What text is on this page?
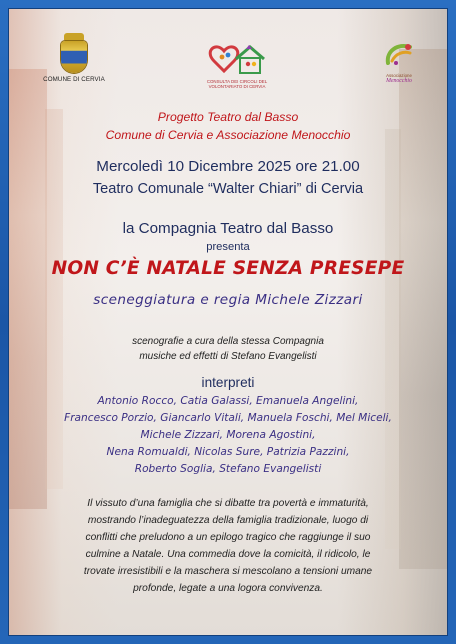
COMUNE DI CERVIA	CONSULTA DEI CIRCOLI DEL
VOLONTARIATO DI CERVIA
Associazione
Menocchio
Progetto Teatro dal Basso
Comune di Cervia e Associazione Menocchio
Mercoledì 10 Dicembre 2025 ore 21.00
Teatro Comunale “Walter Chiari” di Cervia
la Compagnia Teatro dal Basso
presenta
NON C’È NATALE SENZA PRESEPE
sceneggiatura e regia Michele Zizzari
scenografie a cura della stessa Compagnia
musiche ed effetti di Stefano Evangelisti
interpreti
Antonio Rocco, Catia Galassi, Emanuela Angelini,
Francesco Porzio, Giancarlo Vitali, Manuela Foschi, Mel Miceli,
Michele Zizzari, Morena Agostini,
Nena Romualdi, Nicolas Sure, Patrizia Pazzini,
Roberto Soglia, Stefano Evangelisti
Il vissuto d’una famiglia che si dibatte tra povertà e immaturità,
mostrando l’inadeguatezza della famiglia tradizionale, luogo di
conflitti che preludono a un epilogo tragico che raggiunge il suo
culmine a Natale. Una commedia dove la comicità, il ridicolo, le
trovate irresistibili e la maschera si mescolano a tensioni umane
profonde, legate a una logora convivenza.
